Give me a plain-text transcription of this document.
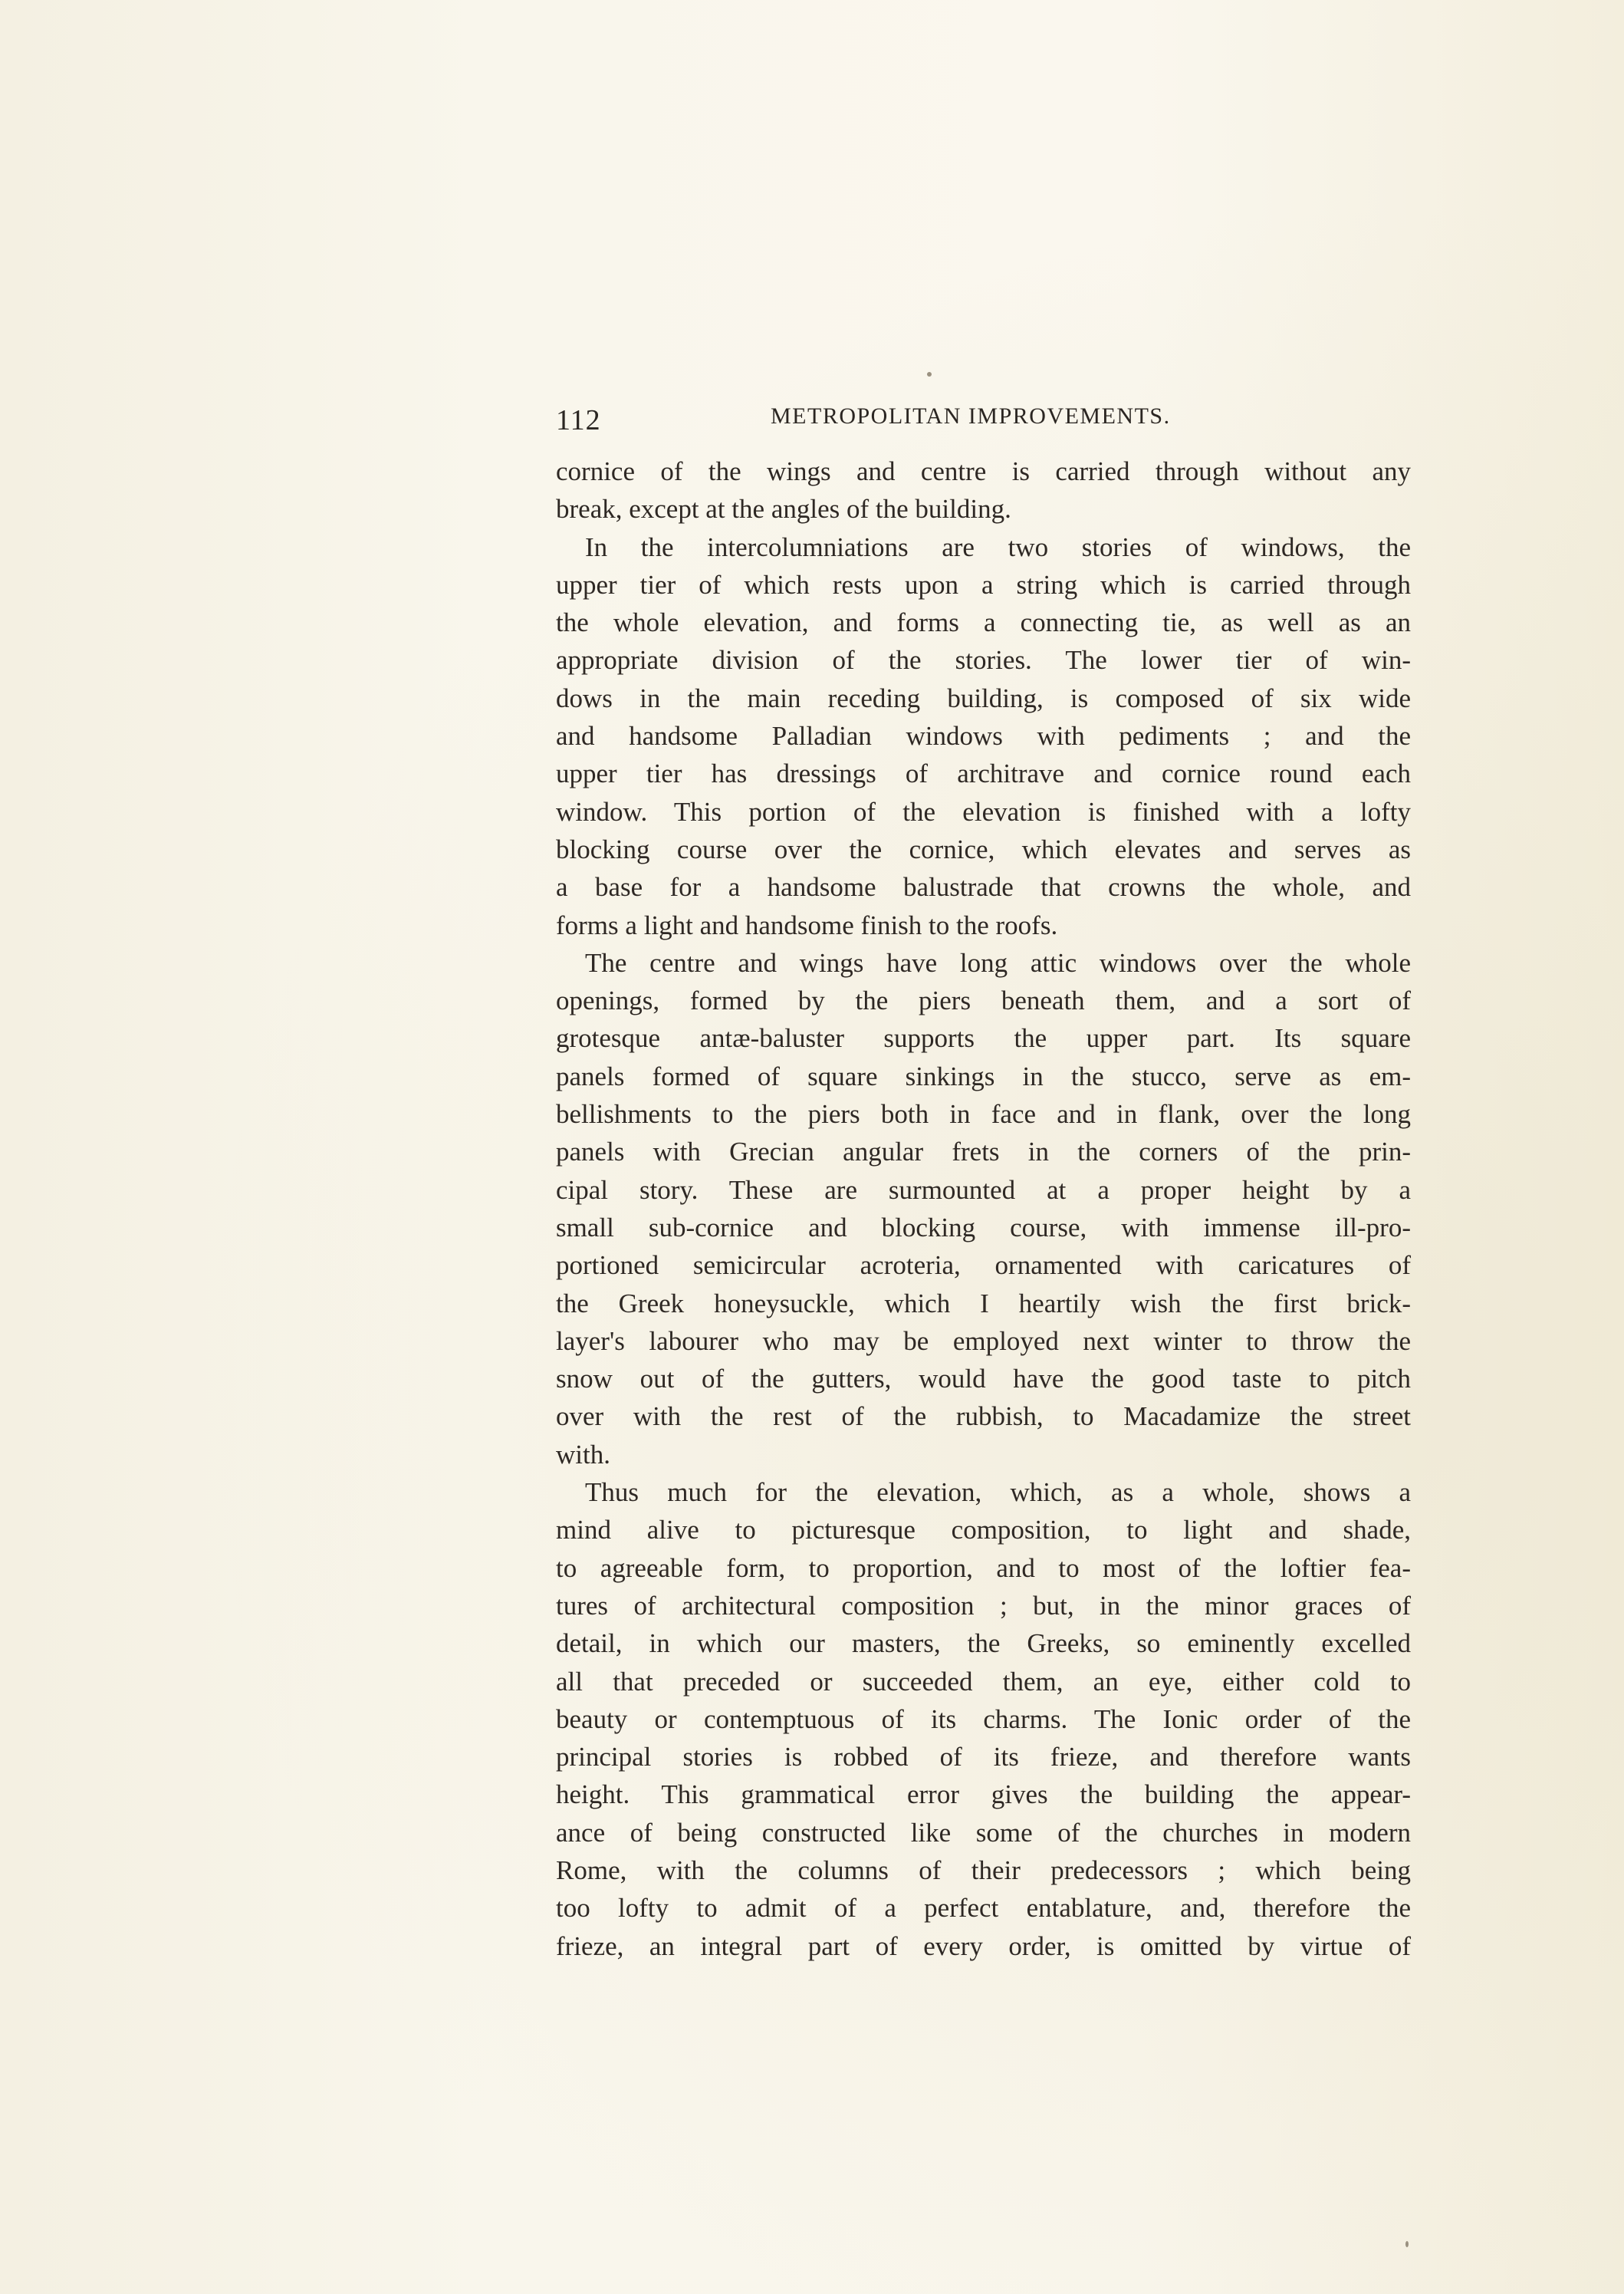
112	METROPOLITAN IMPROVEMENTS.
cornice of the wings and centre is carried through without any
break, except at the angles of the building.
In the intercolumniations are two stories of windows, the
upper tier of which rests upon a string which is carried through
the whole elevation, and forms a connecting tie, as well as an
appropriate division of the stories. The lower tier of win-
dows in the main receding building, is composed of six wide
and handsome Palladian windows with pediments ; and the
upper tier has dressings of architrave and cornice round each
window. This portion of the elevation is finished with a lofty
blocking course over the cornice, which elevates and serves as
a base for a handsome balustrade that crowns the whole, and
forms a light and handsome finish to the roofs.
The centre and wings have long attic windows over the whole
openings, formed by the piers beneath them, and a sort of
grotesque antæ-baluster supports the upper part. Its square
panels formed of square sinkings in the stucco, serve as em-
bellishments to the piers both in face and in flank, over the long
panels with Grecian angular frets in the corners of the prin-
cipal story. These are surmounted at a proper height by a
small sub-cornice and blocking course, with immense ill-pro-
portioned semicircular acroteria, ornamented with caricatures of
the Greek honeysuckle, which I heartily wish the first brick-
layer's labourer who may be employed next winter to throw the
snow out of the gutters, would have the good taste to pitch
over with the rest of the rubbish, to Macadamize the street
with.
Thus much for the elevation, which, as a whole, shows a
mind alive to picturesque composition, to light and shade,
to agreeable form, to proportion, and to most of the loftier fea-
tures of architectural composition ; but, in the minor graces of
detail, in which our masters, the Greeks, so eminently excelled
all that preceded or succeeded them, an eye, either cold to
beauty or contemptuous of its charms. The Ionic order of the
principal stories is robbed of its frieze, and therefore wants
height. This grammatical error gives the building the appear-
ance of being constructed like some of the churches in modern
Rome, with the columns of their predecessors ; which being
too lofty to admit of a perfect entablature, and, therefore the
frieze, an integral part of every order, is omitted by virtue of
